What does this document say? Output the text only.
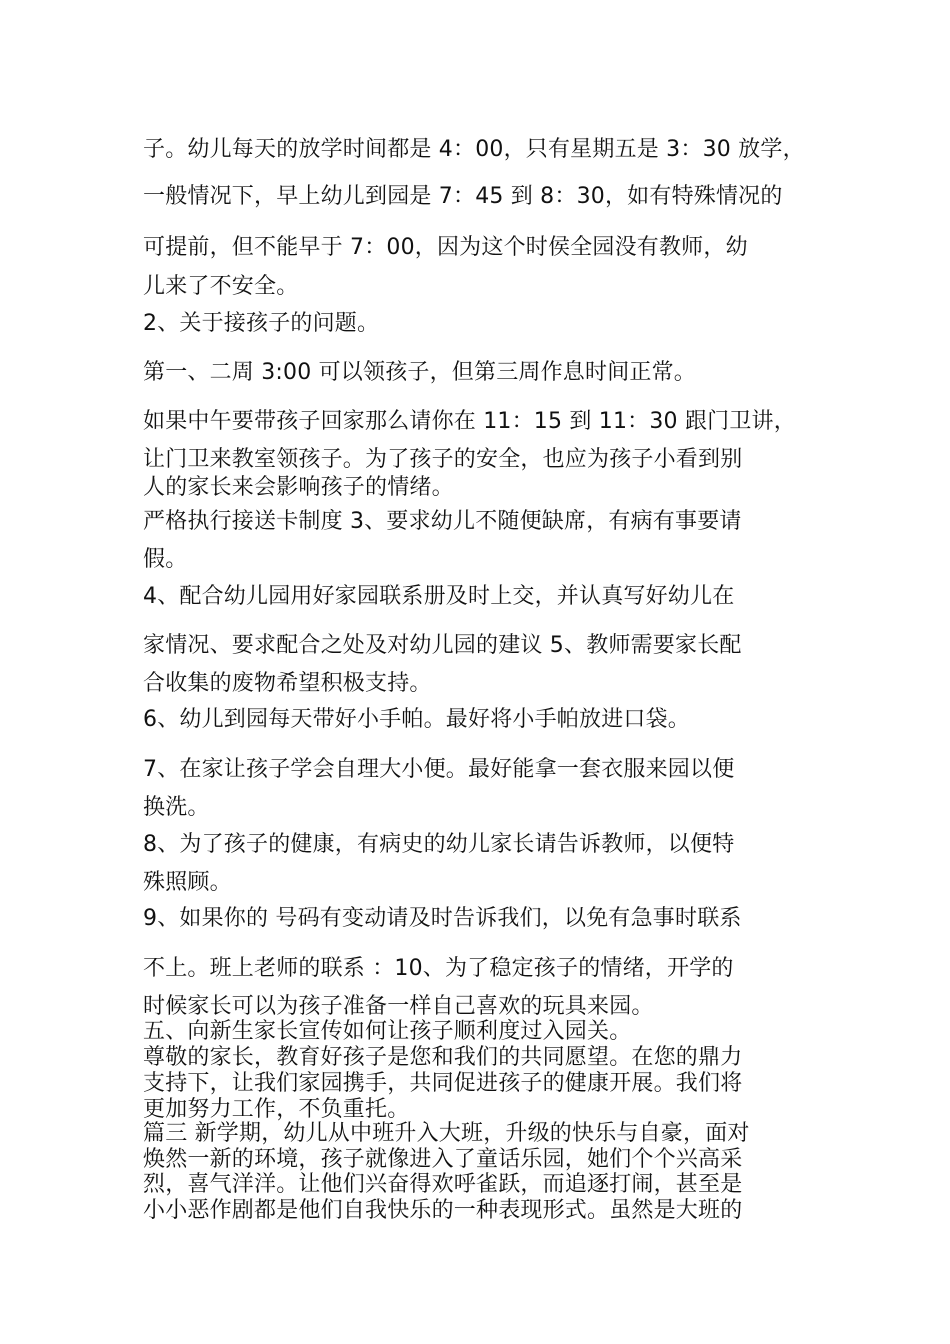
子。幼儿每天的放学时间都是 4：00，只有星期五是 3：30 放学，
一般情况下，早上幼儿到园是 7：45 到 8：30，如有特殊情况的
可提前，但不能早于 7：00，因为这个时侯全园没有教师，幼
儿来了不安全。
2、关于接孩子的问题。
第一、二周 3:00 可以领孩子，但第三周作息时间正常。
如果中午要带孩子回家那么请你在 11：15 到 11：30 跟门卫讲，
让门卫来教室领孩子。为了孩子的安全，也应为孩子小看到别
人的家长来会影响孩子的情绪。
严格执行接送卡制度 3、要求幼儿不随便缺席，有病有事要请
假。
4、配合幼儿园用好家园联系册及时上交，并认真写好幼儿在
家情况、要求配合之处及对幼儿园的建议 5、教师需要家长配
合收集的废物希望积极支持。
6、幼儿到园每天带好小手帕。最好将小手帕放进口袋。
7、在家让孩子学会自理大小便。最好能拿一套衣服来园以便
换洗。
8、为了孩子的健康，有病史的幼儿家长请告诉教师，以便特
殊照顾。
9、如果你的 号码有变动请及时告诉我们，以免有急事时联系
不上。班上老师的联系 ：10、为了稳定孩子的情绪，开学的
时候家长可以为孩子准备一样自己喜欢的玩具来园。
五、向新生家长宣传如何让孩子顺利度过入园关。
尊敬的家长，教育好孩子是您和我们的共同愿望。在您的鼎力
支持下，让我们家园携手，共同促进孩子的健康开展。我们将
更加努力工作，不负重托。
篇三 新学期，幼儿从中班升入大班，升级的快乐与自豪，面对
焕然一新的环境，孩子就像进入了童话乐园，她们个个兴高采
烈，喜气洋洋。让他们兴奋得欢呼雀跃，而追逐打闹，甚至是
小小恶作剧都是他们自我快乐的一种表现形式。虽然是大班的
